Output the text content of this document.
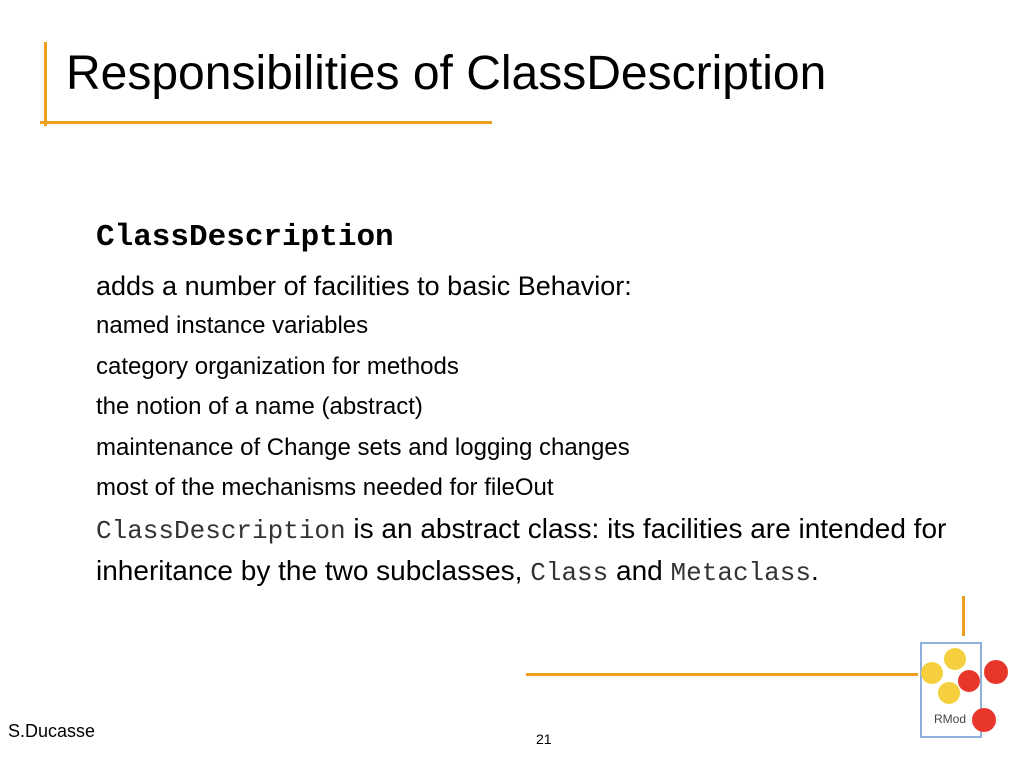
Responsibilities of ClassDescription
ClassDescription
adds a number of facilities to basic Behavior:
named instance variables
category organization for methods
the notion of a name (abstract)
maintenance of Change sets and logging changes
most of the mechanisms needed for fileOut
ClassDescription is an abstract class: its facilities are intended for inheritance by the two subclasses, Class and Metaclass.
RMod
S.Ducasse	21
